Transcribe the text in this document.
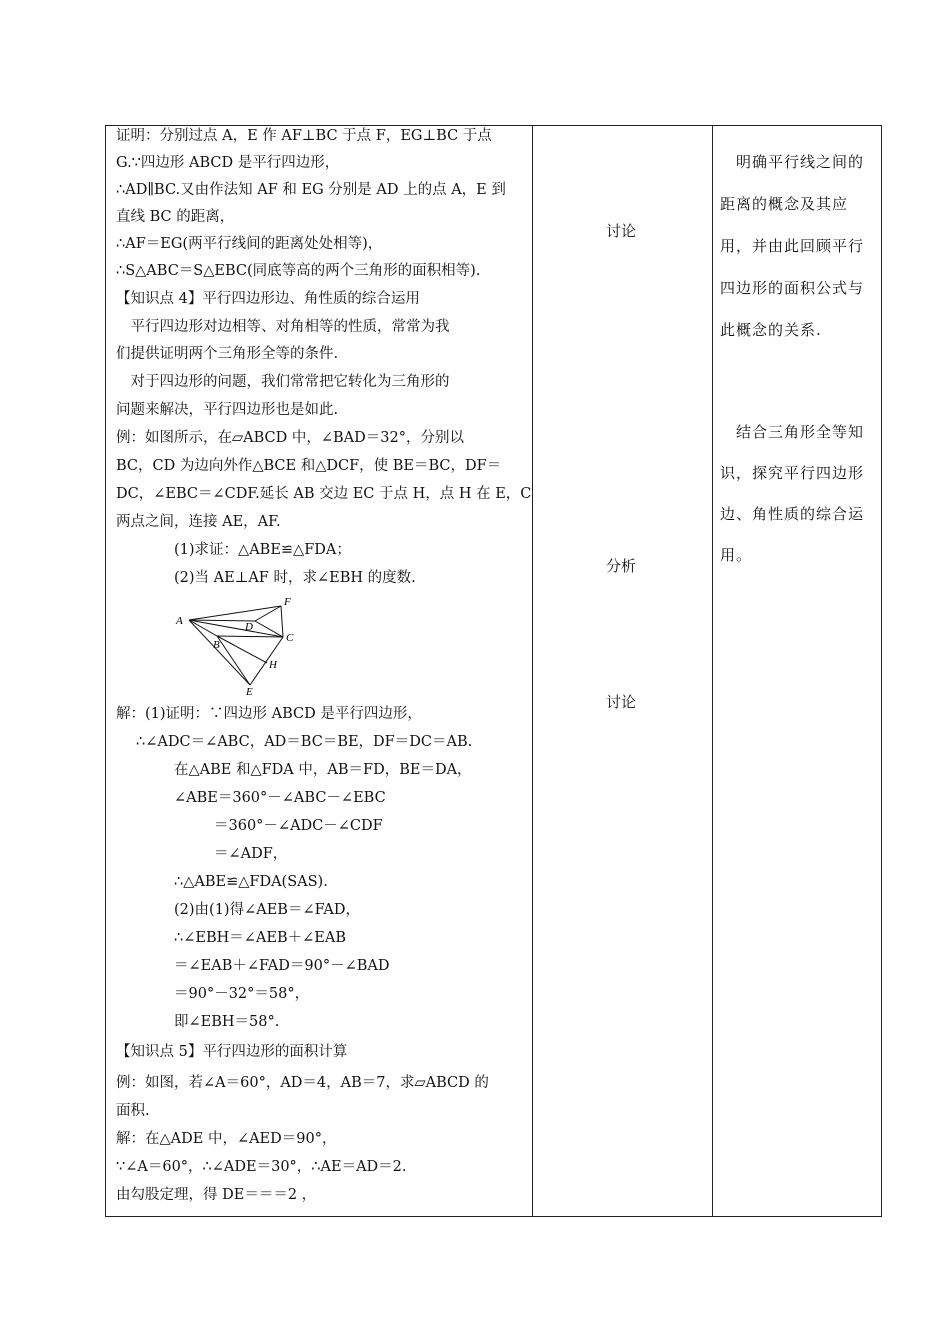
证明：分别过点 A，E 作 AF⊥BC 于点 F，EG⊥BC 于点
G.∵四边形 ABCD 是平行四边形，
∴AD∥BC.又由作法知 AF 和 EG 分别是 AD 上的点 A，E 到
直线 BC 的距离，
∴AF＝EG(两平行线间的距离处处相等)，
∴S△ABC＝S△EBC(同底等高的两个三角形的面积相等).
【知识点 4】平行四边形边、角性质的综合运用
　平行四边形对边相等、对角相等的性质，常常为我
们提供证明两个三角形全等的条件.
　对于四边形的问题，我们常常把它转化为三角形的
问题来解决，平行四边形也是如此.
例：如图所示，在▱ABCD 中，∠BAD＝32°，分别以
BC，CD 为边向外作△BCE 和△DCF，使 BE＝BC，DF＝
DC，∠EBC＝∠CDF.延长 AB 交边 EC 于点 H，点 H 在 E，C
两点之间，连接 AE，AF.
(1)求证：△ABE≌△FDA；
(2)当 AE⊥AF 时，求∠EBH 的度数.
A
B
D
C
F
H
E
解：(1)证明：∵四边形 ABCD 是平行四边形，
∴∠ADC＝∠ABC，AD＝BC＝BE，DF＝DC＝AB.
在△ABE 和△FDA 中，AB＝FD，BE＝DA，
∠ABE＝360°－∠ABC－∠EBC
＝360°－∠ADC－∠CDF
＝∠ADF，
∴△ABE≌△FDA(SAS).
(2)由(1)得∠AEB＝∠FAD，
∴∠EBH＝∠AEB＋∠EAB
＝∠EAB＋∠FAD＝90°－∠BAD
＝90°－32°＝58°，
即∠EBH＝58°.
【知识点 5】平行四边形的面积计算
例：如图，若∠A＝60°，AD＝4，AB＝7，求▱ABCD 的
面积.
解：在△ADE 中，∠AED＝90°，
∵∠A＝60°，∴∠ADE＝30°，∴AE＝AD＝2.
由勾股定理，得 DE＝＝＝2 ，
讨论
分析
讨论
　明确平行线之间的
距离的概念及其应
用，并由此回顾平行
四边形的面积公式与
此概念的关系.
　结合三角形全等知
识，探究平行四边形
边、角性质的综合运
用。
